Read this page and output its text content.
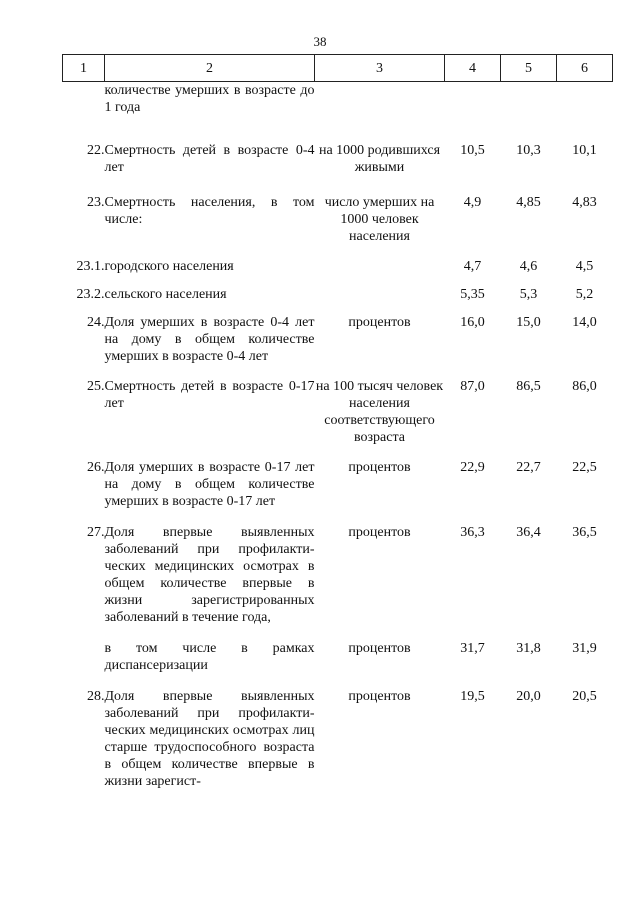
38
1	2	3	4	5	6
	количестве умерших в возрасте до 1 года				

22.	Смертность детей в возрасте 0-4 лет	на 1000 родившихся живыми	10,5	10,3	10,1

23.	Смертность населения, в том числе:	число умерших на 1000 человек населения	4,9	4,85	4,83

23.1.	городского населения		4,7	4,6	4,5

23.2.	сельского населения		5,35	5,3	5,2

24.	Доля умерших в возрасте 0-4 лет на дому в общем количестве умерших в возрасте 0-4 лет	процентов	16,0	15,0	14,0

25.	Смертность детей в возрасте 0-17 лет	на 100 тысяч человек населения соответствующего возраста	87,0	86,5	86,0

26.	Доля умерших в возрасте 0-17 лет на дому в общем количестве умерших в возрасте 0-17 лет	процентов	22,9	22,7	22,5

27.	Доля впервые выявленных заболеваний при профилакти-ческих медицинских осмотрах в общем количестве впервые в жизни зарегистрированных заболеваний в течение года,	процентов	36,3	36,4	36,5

	в том числе в рамках диспансеризации	процентов	31,7	31,8	31,9

28.	Доля впервые выявленных заболеваний при профилакти-ческих медицинских осмотрах лиц старше трудоспособного возраста в общем количестве впервые в жизни зарегист-	процентов	19,5	20,0	20,5
